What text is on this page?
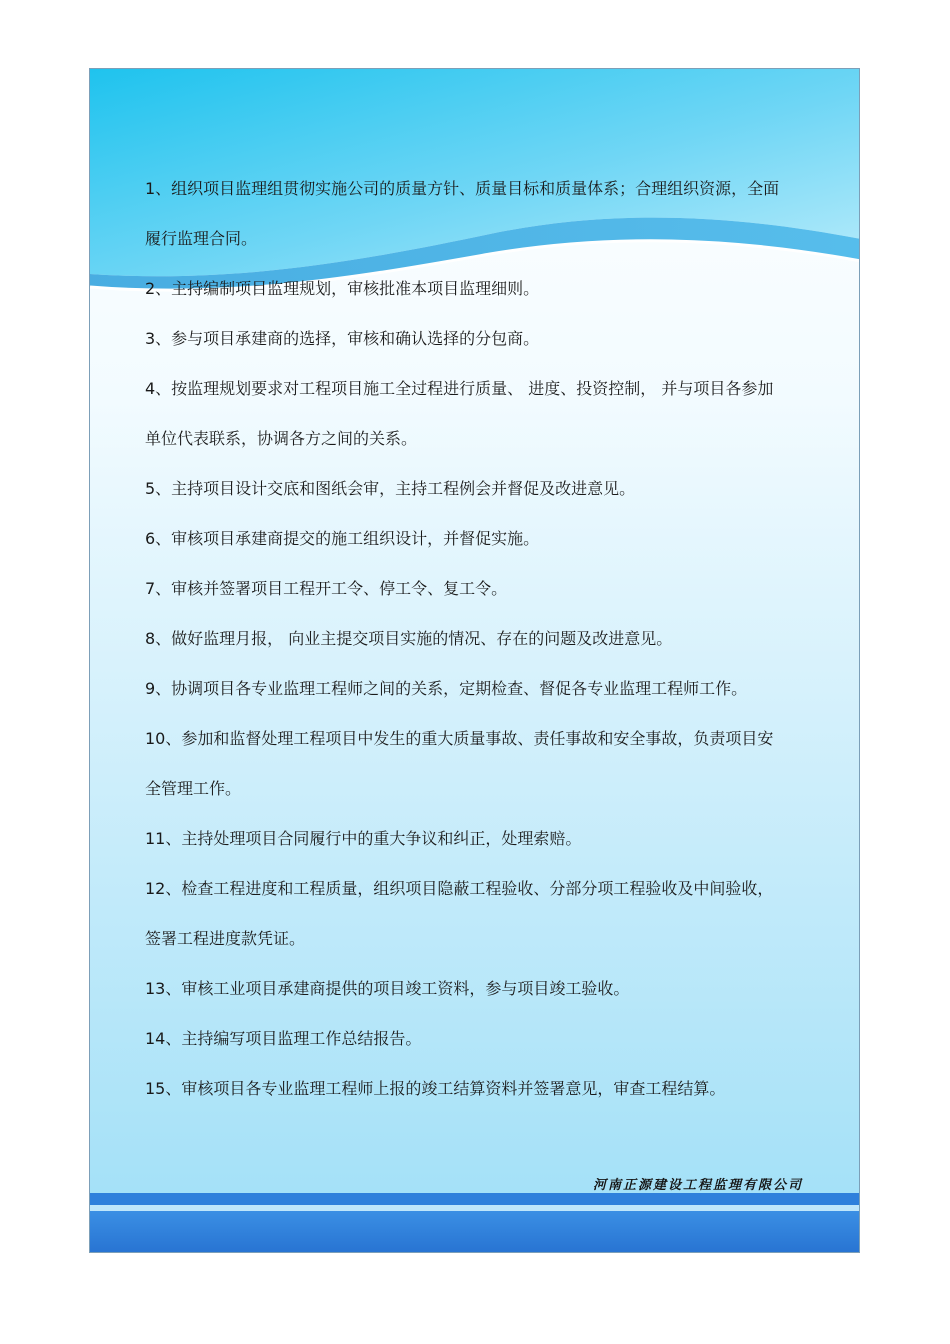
1、组织项目监理组贯彻实施公司的质量方针、质量目标和质量体系；合理组织资源，全面
履行监理合同。
2、主持编制项目监理规划，审核批准本项目监理细则。
3、参与项目承建商的选择，审核和确认选择的分包商。
4、按监理规划要求对工程项目施工全过程进行质量、 进度、投资控制， 并与项目各参加
单位代表联系，协调各方之间的关系。
5、主持项目设计交底和图纸会审，主持工程例会并督促及改进意见。
6、审核项目承建商提交的施工组织设计，并督促实施。
7、审核并签署项目工程开工令、停工令、复工令。
8、做好监理月报， 向业主提交项目实施的情况、存在的问题及改进意见。
9、协调项目各专业监理工程师之间的关系，定期检查、督促各专业监理工程师工作。
10、参加和监督处理工程项目中发生的重大质量事故、责任事故和安全事故，负责项目安
全管理工作。
11、主持处理项目合同履行中的重大争议和纠正，处理索赔。
12、检查工程进度和工程质量，组织项目隐蔽工程验收、分部分项工程验收及中间验收，
签署工程进度款凭证。
13、审核工业项目承建商提供的项目竣工资料，参与项目竣工验收。
14、主持编写项目监理工作总结报告。
15、审核项目各专业监理工程师上报的竣工结算资料并签署意见，审查工程结算。
河南正源建设工程监理有限公司
